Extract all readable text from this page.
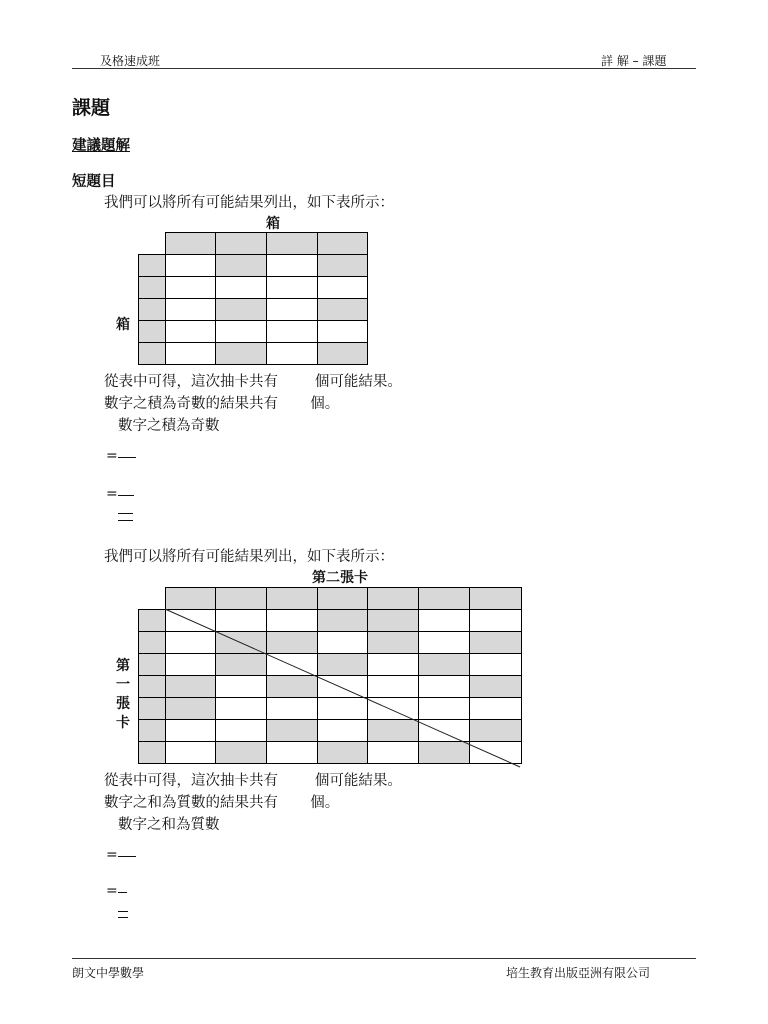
及格速成班	詳 解 – 課題
課題
建議題解
短題目
我們可以將所有可能結果列出，如下表所示：
箱
箱

從表中可得，這次抽卡共有        個可能結果。
數字之積為奇數的結果共有       個。
數字之積為奇數
=
=
我們可以將所有可能結果列出，如下表所示：
第二張卡
第
一
張
卡

從表中可得，這次抽卡共有        個可能結果。
數字之和為質數的結果共有       個。
數字之和為質數
=
=
朗文中學數學	培生教育出版亞洲有限公司
